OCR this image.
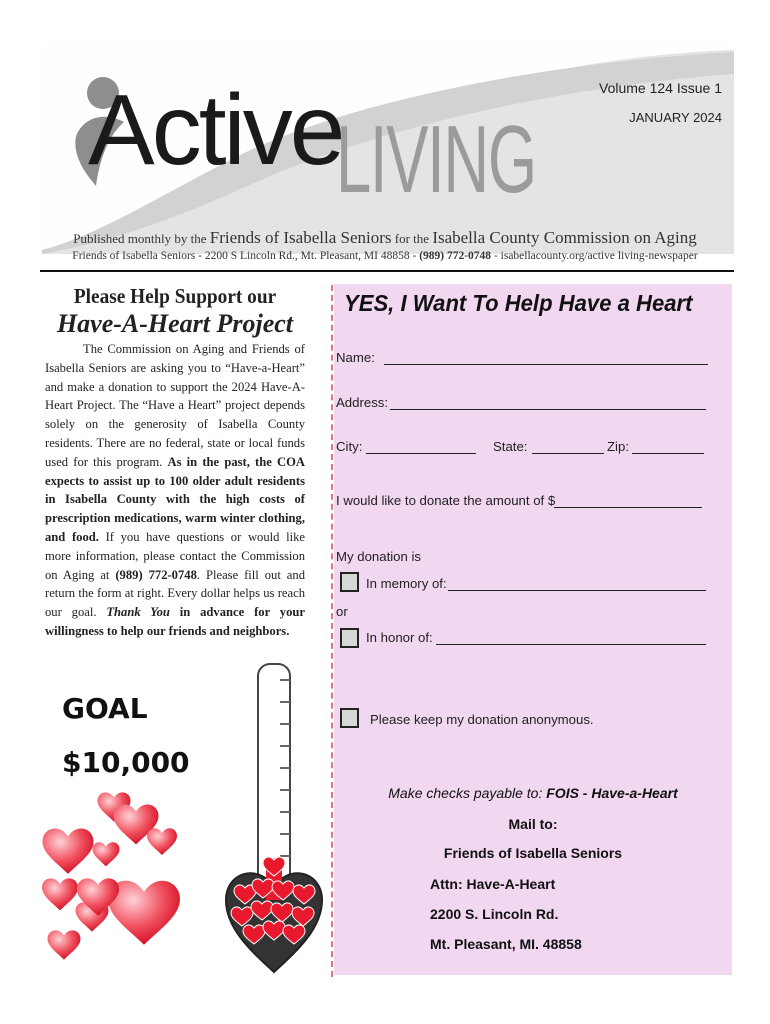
Active
LIVING
Volume 124 Issue 1
JANUARY 2024
Published monthly by the Friends of Isabella Seniors for the Isabella County Commission on Aging
Friends of Isabella Seniors - 2200 S Lincoln Rd., Mt. Pleasant, MI 48858 - (989) 772-0748 - isabellacounty.org/active living-newspaper
Please Help Support our
Have-A-Heart Project
The Commission on Aging and Friends of Isabella Seniors are asking you to “Have-a-Heart” and make a donation to support the 2024 Have-A-Heart Project. The “Have a Heart” project depends solely on the generosity of Isabella County residents. There are no federal, state or local funds used for this program. As in the past, the COA expects to assist up to 100 older adult residents in Isabella County with the high costs of prescription medications, warm winter clothing, and food. If you have questions or would like more information, please contact the Commission on Aging at (989) 772-0748. Please fill out and return the form at right. Every dollar helps us reach our goal. Thank You in advance for your willingness to help our friends and neighbors.
GOAL
$10,000
YES, I Want To Help Have a Heart
Name:
Address:
City:	State:	Zip:
I would like to donate the amount of $
My donation is
In memory of:
or
In honor of:
Please keep my donation anonymous.
Make checks payable to: FOIS - Have-a-Heart
Mail to:
Friends of Isabella Seniors
Attn: Have-A-Heart
2200 S. Lincoln Rd.
Mt. Pleasant, MI. 48858
